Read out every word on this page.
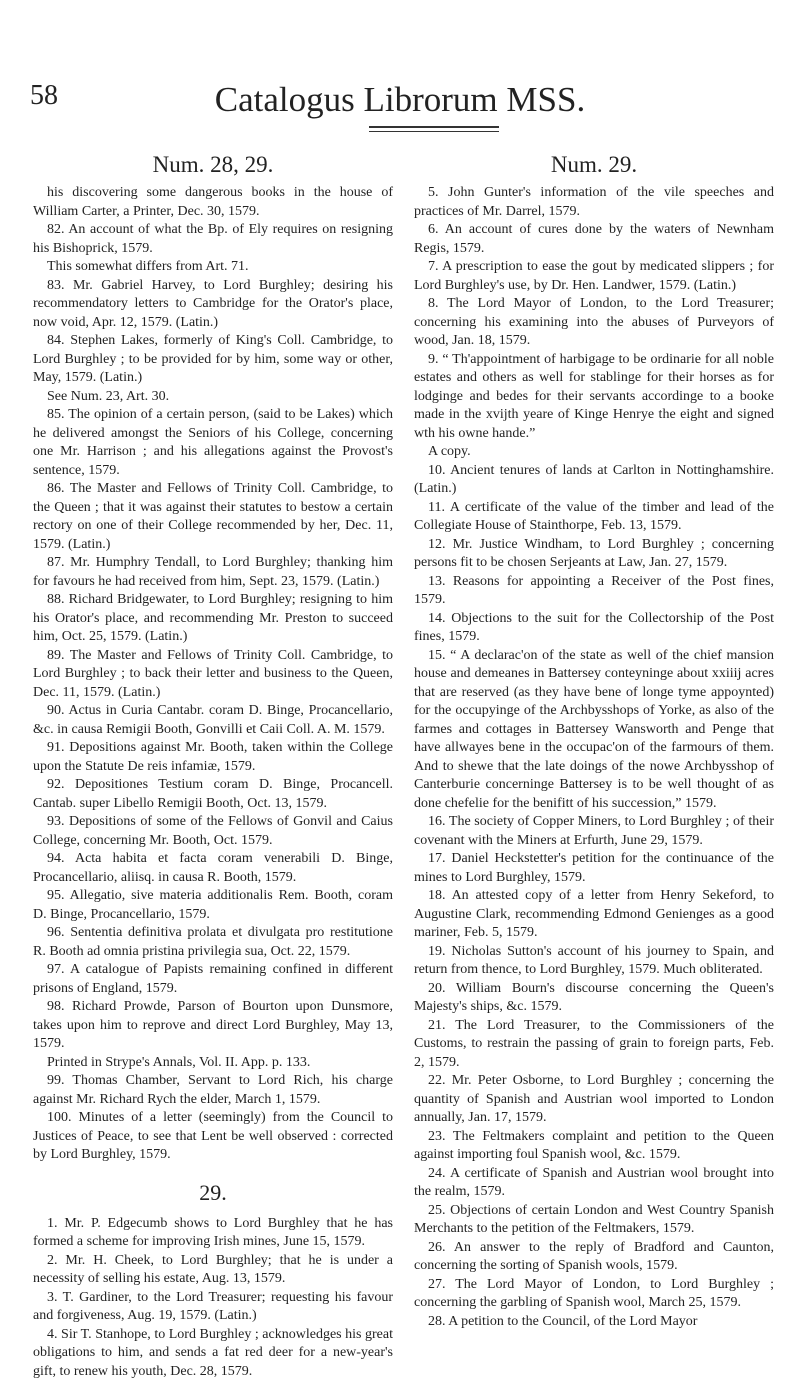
58	Catalogus Librorum MSS.
Num. 28, 29.

his discovering some dangerous books in the house of William Carter, a Printer, Dec. 30, 1579.

82. An account of what the Bp. of Ely requires on resigning his Bishoprick, 1579.

This somewhat differs from Art. 71.

83. Mr. Gabriel Harvey, to Lord Burghley; desiring his recommendatory letters to Cambridge for the Orator's place, now void, Apr. 12, 1579. (Latin.)

84. Stephen Lakes, formerly of King's Coll. Cambridge, to Lord Burghley ; to be provided for by him, some way or other, May, 1579. (Latin.)

See Num. 23, Art. 30.

85. The opinion of a certain person, (said to be Lakes) which he delivered amongst the Seniors of his College, concerning one Mr. Harrison ; and his allegations against the Provost's sentence, 1579.

86. The Master and Fellows of Trinity Coll. Cambridge, to the Queen ; that it was against their statutes to bestow a certain rectory on one of their College recommended by her, Dec. 11, 1579. (Latin.)

87. Mr. Humphry Tendall, to Lord Burghley; thanking him for favours he had received from him, Sept. 23, 1579. (Latin.)

88. Richard Bridgewater, to Lord Burghley; resigning to him his Orator's place, and recommending Mr. Preston to succeed him, Oct. 25, 1579. (Latin.)

89. The Master and Fellows of Trinity Coll. Cambridge, to Lord Burghley ; to back their letter and business to the Queen, Dec. 11, 1579. (Latin.)

90. Actus in Curia Cantabr. coram D. Binge, Procancellario, &c. in causa Remigii Booth, Gonvilli et Caii Coll. A. M. 1579.

91. Depositions against Mr. Booth, taken within the College upon the Statute De reis infamiæ, 1579.

92. Depositiones Testium coram D. Binge, Procancell. Cantab. super Libello Remigii Booth, Oct. 13, 1579.

93. Depositions of some of the Fellows of Gonvil and Caius College, concerning Mr. Booth, Oct. 1579.

94. Acta habita et facta coram venerabili D. Binge, Procancellario, aliisq. in causa R. Booth, 1579.

95. Allegatio, sive materia additionalis Rem. Booth, coram D. Binge, Procancellario, 1579.

96. Sententia definitiva prolata et divulgata pro restitutione R. Booth ad omnia pristina privilegia sua, Oct. 22, 1579.

97. A catalogue of Papists remaining confined in different prisons of England, 1579.

98. Richard Prowde, Parson of Bourton upon Dunsmore, takes upon him to reprove and direct Lord Burghley, May 13, 1579.

Printed in Strype's Annals, Vol. II. App. p. 133.

99. Thomas Chamber, Servant to Lord Rich, his charge against Mr. Richard Rych the elder, March 1, 1579.

100. Minutes of a letter (seemingly) from the Council to Justices of Peace, to see that Lent be well observed : corrected by Lord Burghley, 1579.

29.

1. Mr. P. Edgecumb shows to Lord Burghley that he has formed a scheme for improving Irish mines, June 15, 1579.

2. Mr. H. Cheek, to Lord Burghley; that he is under a necessity of selling his estate, Aug. 13, 1579.

3. T. Gardiner, to the Lord Treasurer; requesting his favour and forgiveness, Aug. 19, 1579. (Latin.)

4. Sir T. Stanhope, to Lord Burghley ; acknowledges his great obligations to him, and sends a fat red deer for a new-year's gift, to renew his youth, Dec. 28, 1579.

Num. 29.

5. John Gunter's information of the vile speeches and practices of Mr. Darrel, 1579.

6. An account of cures done by the waters of Newnham Regis, 1579.

7. A prescription to ease the gout by medicated slippers ; for Lord Burghley's use, by Dr. Hen. Landwer, 1579. (Latin.)

8. The Lord Mayor of London, to the Lord Treasurer; concerning his examining into the abuses of Purveyors of wood, Jan. 18, 1579.

9. “ Th'appointment of harbigage to be ordinarie for all noble estates and others as well for stablinge for their horses as for lodginge and bedes for their servants accordinge to a booke made in the xvijth yeare of Kinge Henrye the eight and signed wth his owne hande.”

A copy.

10. Ancient tenures of lands at Carlton in Nottinghamshire. (Latin.)

11. A certificate of the value of the timber and lead of the Collegiate House of Stainthorpe, Feb. 13, 1579.

12. Mr. Justice Windham, to Lord Burghley ; concerning persons fit to be chosen Serjeants at Law, Jan. 27, 1579.

13. Reasons for appointing a Receiver of the Post fines, 1579.

14. Objections to the suit for the Collectorship of the Post fines, 1579.

15. “ A declarac'on of the state as well of the chief mansion house and demeanes in Battersey conteyninge about xxiiij acres that are reserved (as they have bene of longe tyme appoynted) for the occupyinge of the Archbysshops of Yorke, as also of the farmes and cottages in Battersey Wansworth and Penge that have allwayes bene in the occupac'on of the farmours of them. And to shewe that the late doings of the nowe Archbysshop of Canterburie concerninge Battersey is to be well thought of as done chefelie for the benifitt of his succession,” 1579.

16. The society of Copper Miners, to Lord Burghley ; of their covenant with the Miners at Erfurth, June 29, 1579.

17. Daniel Heckstetter's petition for the continuance of the mines to Lord Burghley, 1579.

18. An attested copy of a letter from Henry Sekeford, to Augustine Clark, recommending Edmond Genienges as a good mariner, Feb. 5, 1579.

19. Nicholas Sutton's account of his journey to Spain, and return from thence, to Lord Burghley, 1579. Much obliterated.

20. William Bourn's discourse concerning the Queen's Majesty's ships, &c. 1579.

21. The Lord Treasurer, to the Commissioners of the Customs, to restrain the passing of grain to foreign parts, Feb. 2, 1579.

22. Mr. Peter Osborne, to Lord Burghley ; concerning the quantity of Spanish and Austrian wool imported to London annually, Jan. 17, 1579.

23. The Feltmakers complaint and petition to the Queen against importing foul Spanish wool, &c. 1579.

24. A certificate of Spanish and Austrian wool brought into the realm, 1579.

25. Objections of certain London and West Country Spanish Merchants to the petition of the Feltmakers, 1579.

26. An answer to the reply of Bradford and Caunton, concerning the sorting of Spanish wools, 1579.

27. The Lord Mayor of London, to Lord Burghley ; concerning the garbling of Spanish wool, March 25, 1579.

28. A petition to the Council, of the Lord Mayor
